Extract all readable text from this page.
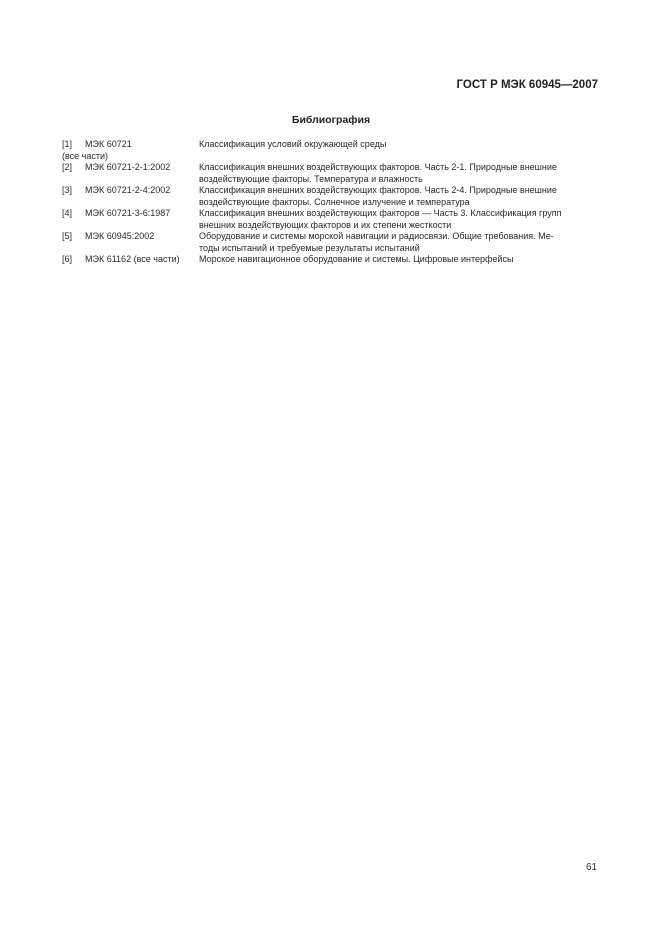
ГОСТ Р МЭК 60945—2007
Библиография
[1] МЭК 60721	Классификация условий окружающей среды
(все части)
[2] МЭК 60721-2-1:2002	Классификация внешних воздействующих факторов. Часть 2-1. Природные внешние
воздействующие факторы. Температура и влажность
[3] МЭК 60721-2-4:2002	Классификация внешних воздействующих факторов. Часть 2-4. Природные внешние
воздействующие факторы. Солнечное излучение и температура
[4] МЭК 60721-3-6:1987	Классификация внешних воздействующих факторов — Часть 3. Классификация групп
внешних воздействующих факторов и их степени жесткости
[5] МЭК 60945:2002	Оборудование и системы морской навигации и радиосвязи. Общие требования. Ме-
тоды испытаний и требуемые результаты испытаний
[6] МЭК 61162 (все части) Морское навигационное оборудование и системы. Цифровые интерфейсы
61
